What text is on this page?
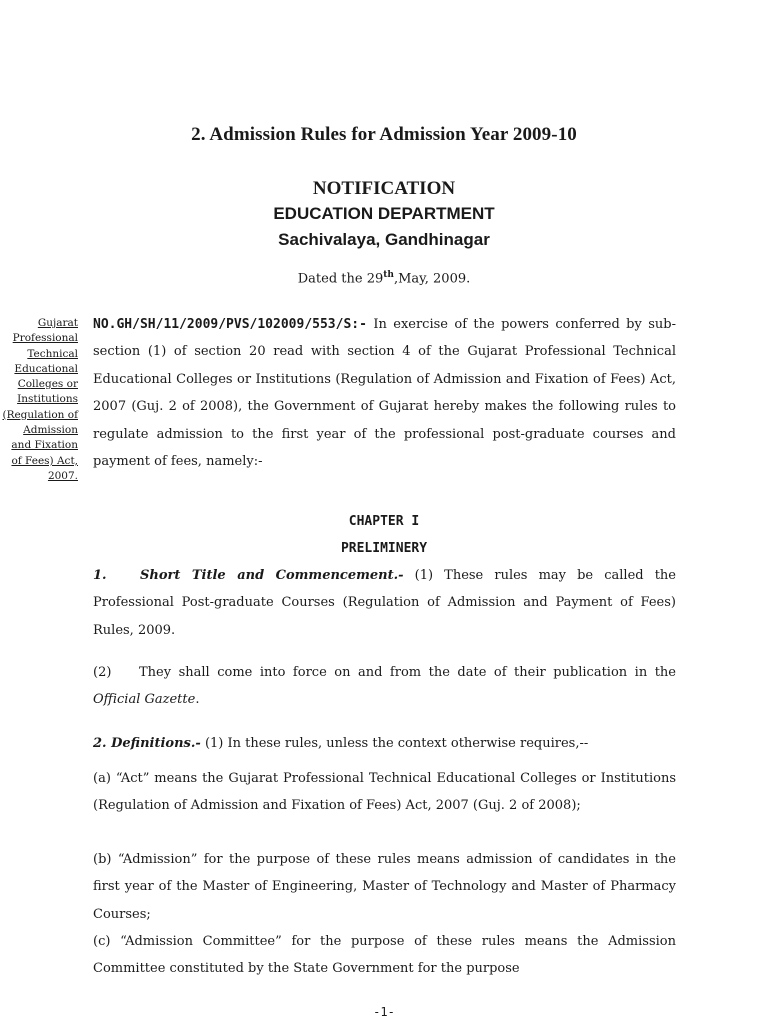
2. Admission Rules for Admission Year 2009-10
NOTIFICATION
EDUCATION DEPARTMENT
Sachivalaya, Gandhinagar
Dated the 29th,May, 2009.
Gujarat Professional Technical Educational Colleges or Institutions (Regulation of Admission and Fixation of Fees) Act, 2007.
NO.GH/SH/11/2009/PVS/102009/553/S:- In exercise of the powers conferred by sub-section (1) of section 20 read with section 4 of the Gujarat Professional Technical Educational Colleges or Institutions (Regulation of Admission and Fixation of Fees) Act, 2007 (Guj. 2 of 2008), the Government of Gujarat hereby makes the following rules to regulate admission to the first year of the professional post-graduate courses and payment of fees, namely:-
CHAPTER I
PRELIMINERY
1.	Short Title and Commencement.- (1) These rules may be called the Professional Post-graduate Courses (Regulation of Admission and Payment of Fees) Rules, 2009.
(2) They shall come into force on and from the date of their publication in the Official Gazette.
2. Definitions.- (1) In these rules, unless the context otherwise requires,--
(a) “Act” means the Gujarat Professional Technical Educational Colleges or Institutions (Regulation of Admission and Fixation of Fees) Act, 2007 (Guj. 2 of 2008);
(b) “Admission” for the purpose of these rules means admission of candidates in the first year of the Master of Engineering, Master of Technology and Master of Pharmacy Courses;
(c) “Admission Committee” for the purpose of these rules means the Admission Committee constituted by the State Government for the purpose
-1-
